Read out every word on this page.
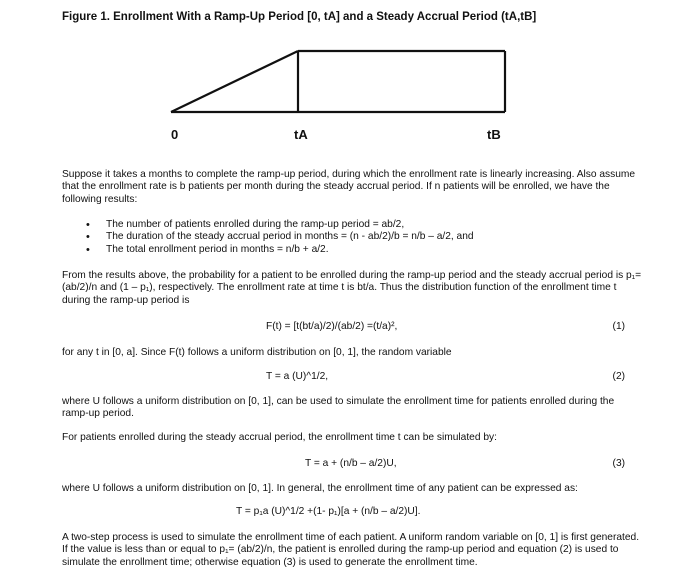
Figure 1. Enrollment With a Ramp-Up Period [0, tA] and a Steady Accrual Period (tA,tB]
0	tA	tB
Suppose it takes a months to complete the ramp-up period, during which the enrollment rate is linearly increasing. Also assume that the enrollment rate is b patients per month during the steady accrual period. If n patients will be enrolled, we have the following results:
• The number of patients enrolled during the ramp-up period = ab/2,
• The duration of the steady accrual period in months = (n - ab/2)/b = n/b – a/2, and
• The total enrollment period in months = n/b + a/2.
From the results above, the probability for a patient to be enrolled during the ramp-up period and the steady accrual period is p₁= (ab/2)/n and (1 – p₁), respectively. The enrollment rate at time t is bt/a. Thus the distribution function of the enrollment time t during the ramp-up period is
F(t) = [t(bt/a)/2)/(ab/2) =(t/a)²,	(1)
for any t in [0, a]. Since F(t) follows a uniform distribution on [0, 1], the random variable
T = a (U)^1/2,	(2)
where U follows a uniform distribution on [0, 1], can be used to simulate the enrollment time for patients enrolled during the ramp-up period.
For patients enrolled during the steady accrual period, the enrollment time t can be simulated by:
T = a + (n/b – a/2)U,	(3)
where U follows a uniform distribution on [0, 1]. In general, the enrollment time of any patient can be expressed as:
T = p₁a (U)^1/2 +(1- p₁)[a + (n/b – a/2)U].
A two-step process is used to simulate the enrollment time of each patient. A uniform random variable on [0, 1] is first generated. If the value is less than or equal to p₁= (ab/2)/n, the patient is enrolled during the ramp-up period and equation (2) is used to simulate the enrollment time; otherwise equation (3) is used to generate the enrollment time.
